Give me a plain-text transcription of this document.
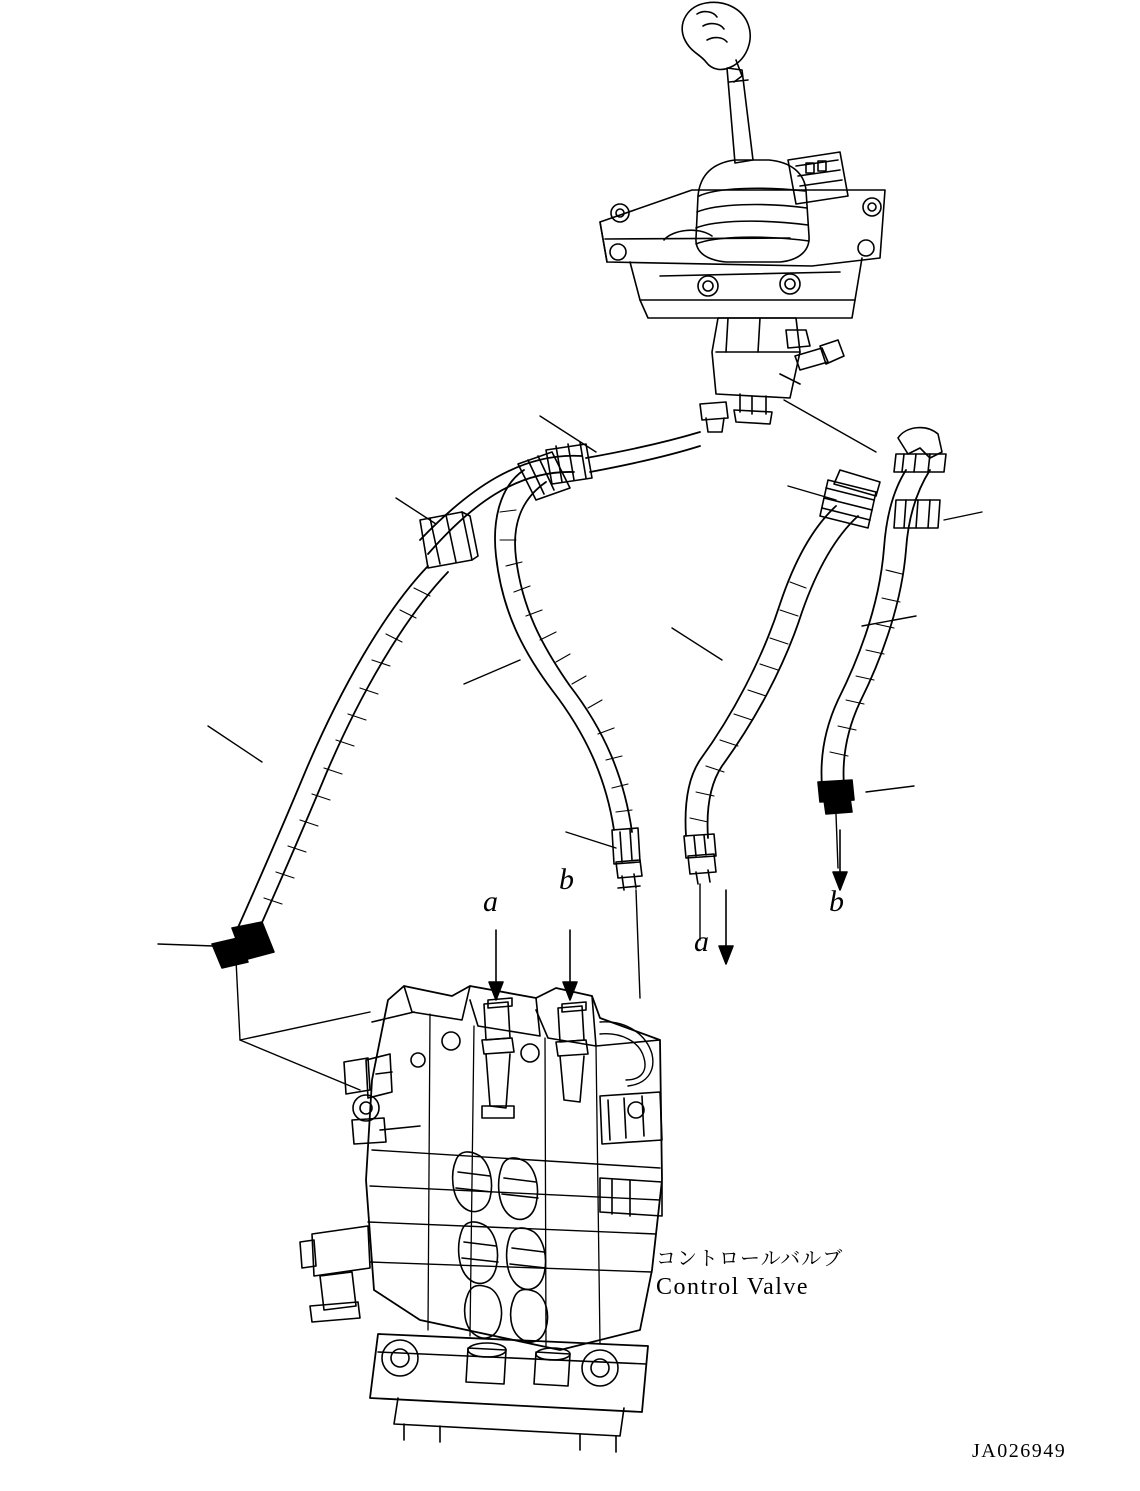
a
b
a
b
コントロールバルブ
Control Valve
JA026949
